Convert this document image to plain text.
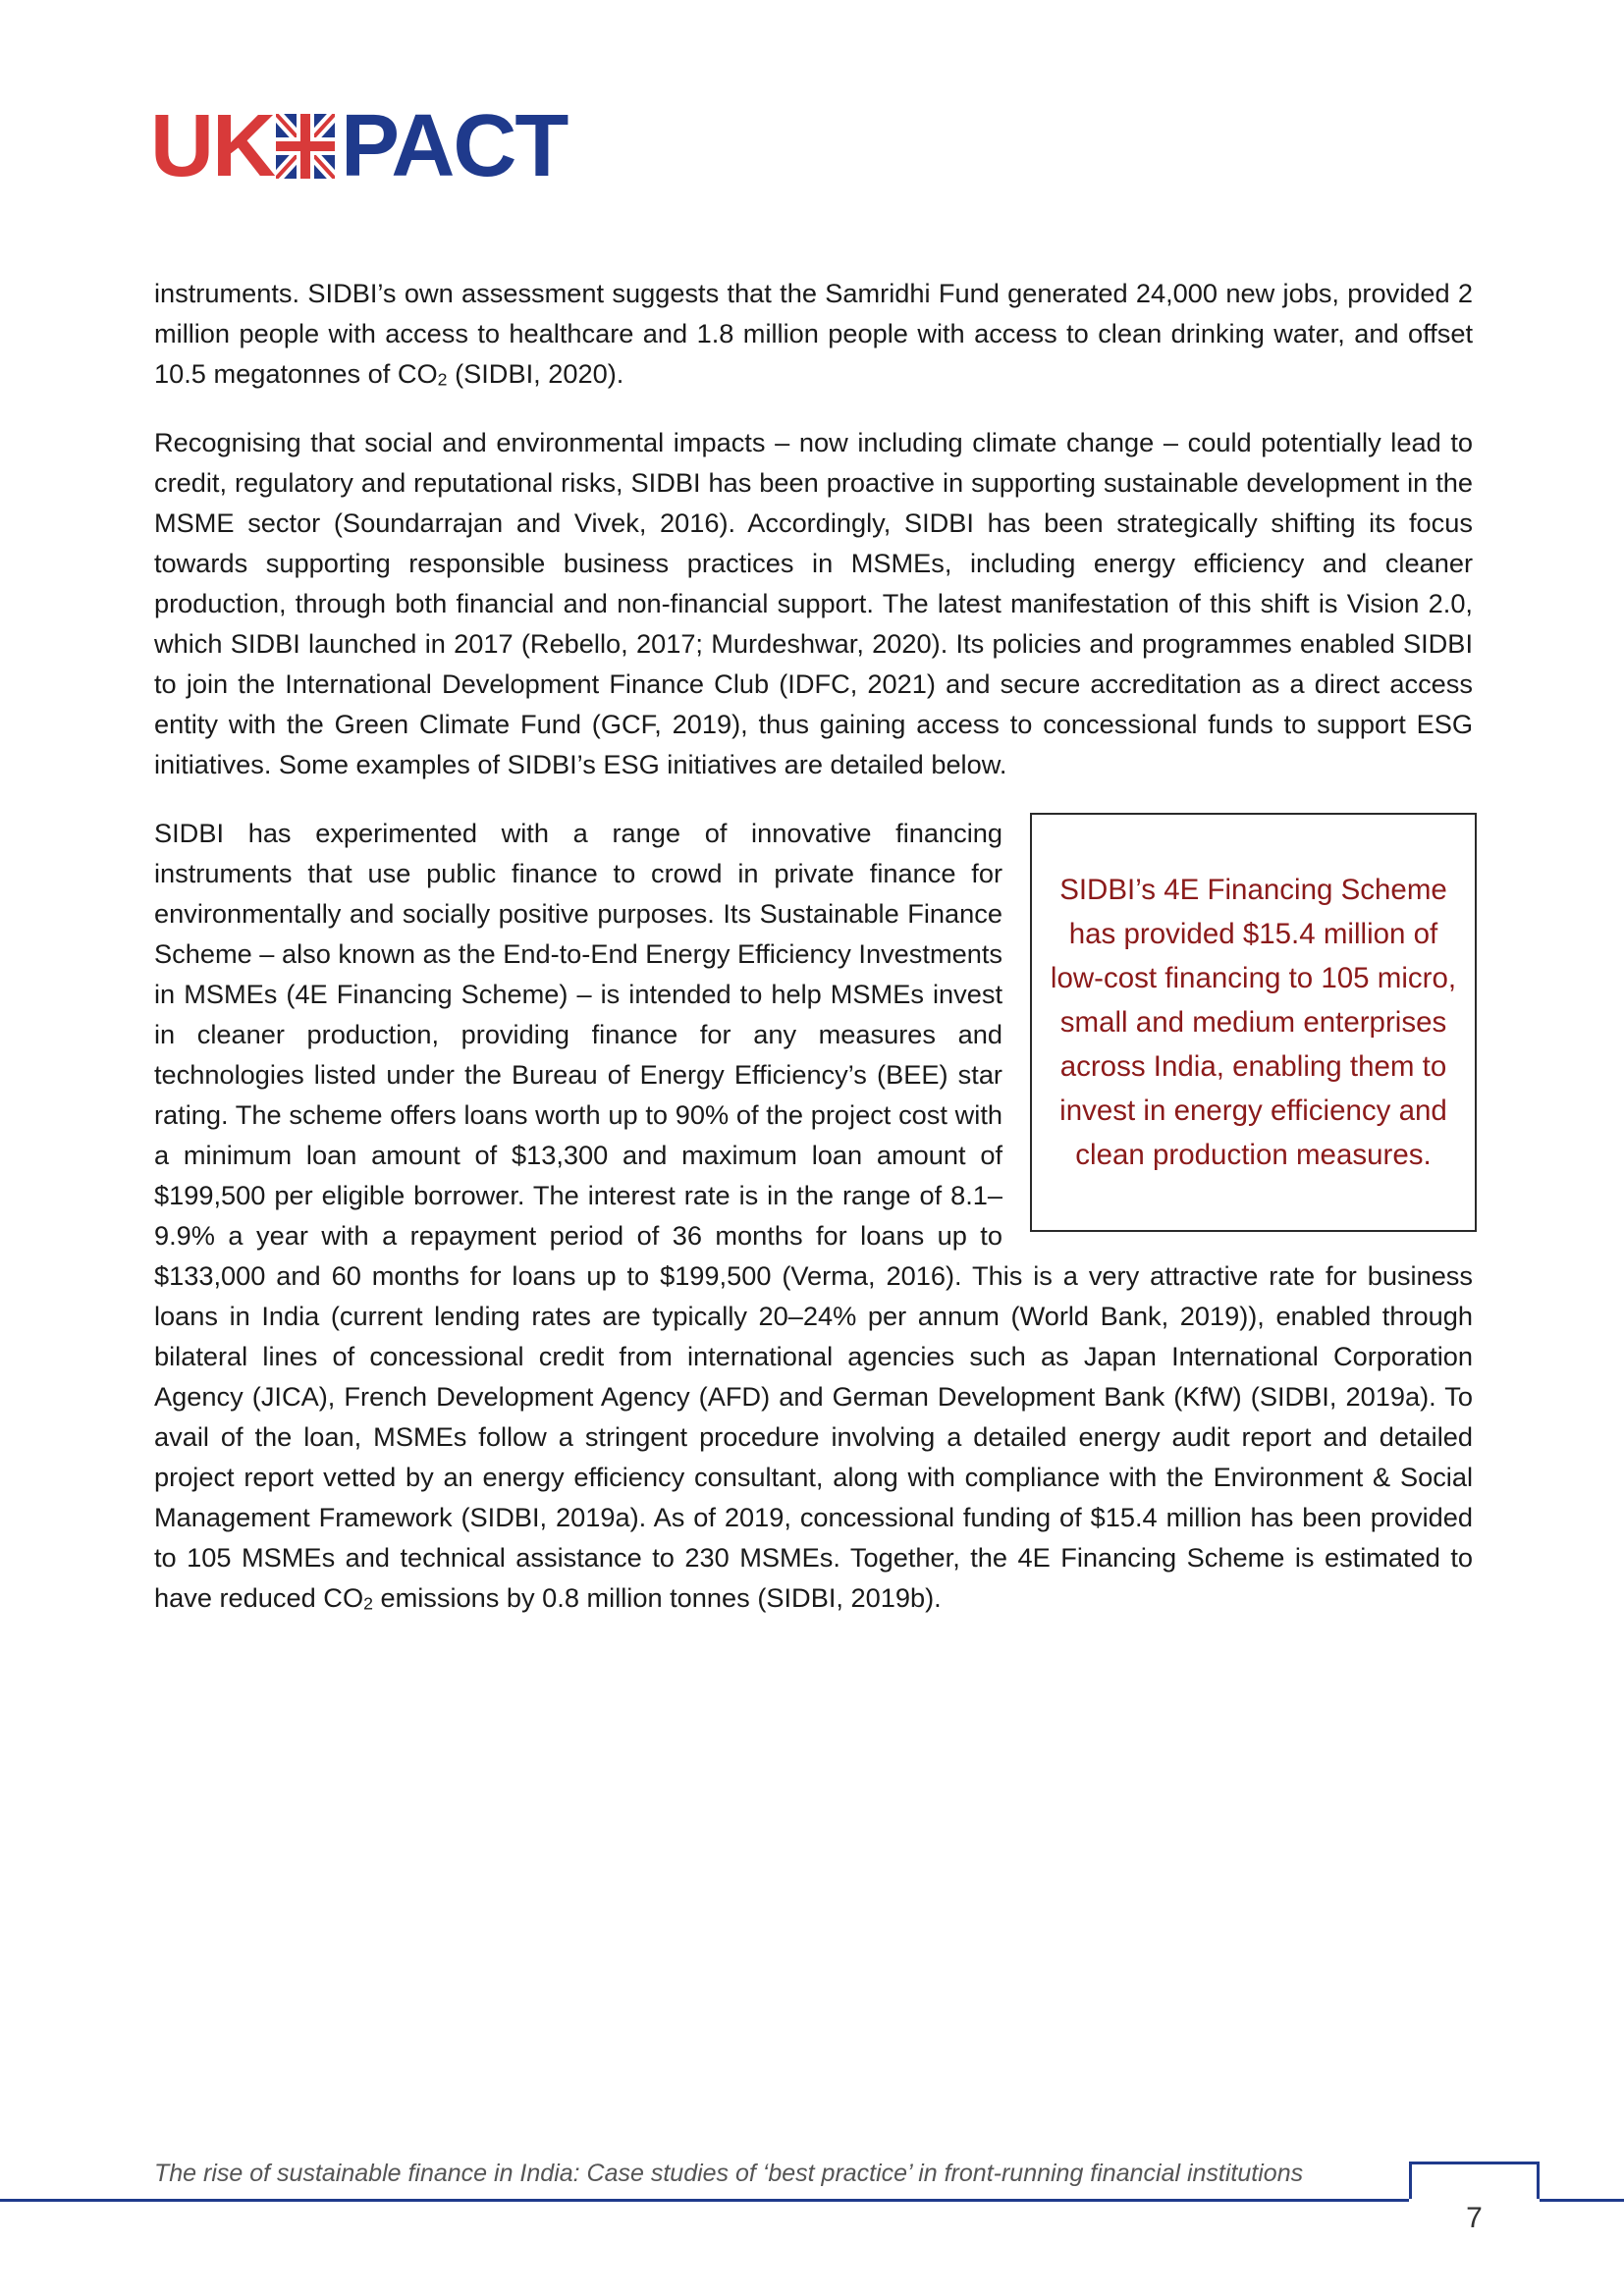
UK PACT

instruments. SIDBI’s own assessment suggests that the Samridhi Fund generated 24,000 new jobs, provided 2 million people with access to healthcare and 1.8 million people with access to clean drinking water, and offset 10.5 megatonnes of $CO_2$ (SIDBI, 2020).

Recognising that social and environmental impacts – now including climate change – could potentially lead to credit, regulatory and reputational risks, SIDBI has been proactive in supporting sustainable development in the MSME sector (Soundarrajan and Vivek, 2016). Accordingly, SIDBI has been strategically shifting its focus towards supporting responsible business practices in MSMEs, including energy efficiency and cleaner production, through both financial and non-financial support. The latest manifestation of this shift is Vision 2.0, which SIDBI launched in 2017 (Rebello, 2017; Murdeshwar, 2020). Its policies and programmes enabled SIDBI to join the International Development Finance Club (IDFC, 2021) and secure accreditation as a direct access entity with the Green Climate Fund (GCF, 2019), thus gaining access to concessional funds to support ESG initiatives. Some examples of SIDBI’s ESG initiatives are detailed below.

SIDBI’s 4E Financing Scheme has provided $15.4 million of low-cost financing to 105 micro, small and medium enterprises across India, enabling them to invest in energy efficiency and clean production measures.

SIDBI has experimented with a range of innovative financing instruments that use public finance to crowd in private finance for environmentally and socially positive purposes. Its Sustainable Finance Scheme – also known as the End-to-End Energy Efficiency Investments in MSMEs (4E Financing Scheme) – is intended to help MSMEs invest in cleaner production, providing finance for any measures and technologies listed under the Bureau of Energy Efficiency’s (BEE) star rating. The scheme offers loans worth up to 90% of the project cost with a minimum loan amount of $13,300 and maximum loan amount of $199,500 per eligible borrower. The interest rate is in the range of 8.1–9.9% a year with a repayment period of 36 months for loans up to $133,000 and 60 months for loans up to $199,500 (Verma, 2016). This is a very attractive rate for business loans in India (current lending rates are typically 20–24% per annum (World Bank, 2019)), enabled through bilateral lines of concessional credit from international agencies such as Japan International Corporation Agency (JICA), French Development Agency (AFD) and German Development Bank (KfW) (SIDBI, 2019a). To avail of the loan, MSMEs follow a stringent procedure involving a detailed energy audit report and detailed project report vetted by an energy efficiency consultant, along with compliance with the Environment & Social Management Framework (SIDBI, 2019a). As of 2019, concessional funding of $15.4 million has been provided to 105 MSMEs and technical assistance to 230 MSMEs. Together, the 4E Financing Scheme is estimated to have reduced $CO_2$ emissions by 0.8 million tonnes (SIDBI, 2019b).

The rise of sustainable finance in India: Case studies of ‘best practice’ in front-running financial institutions
7
